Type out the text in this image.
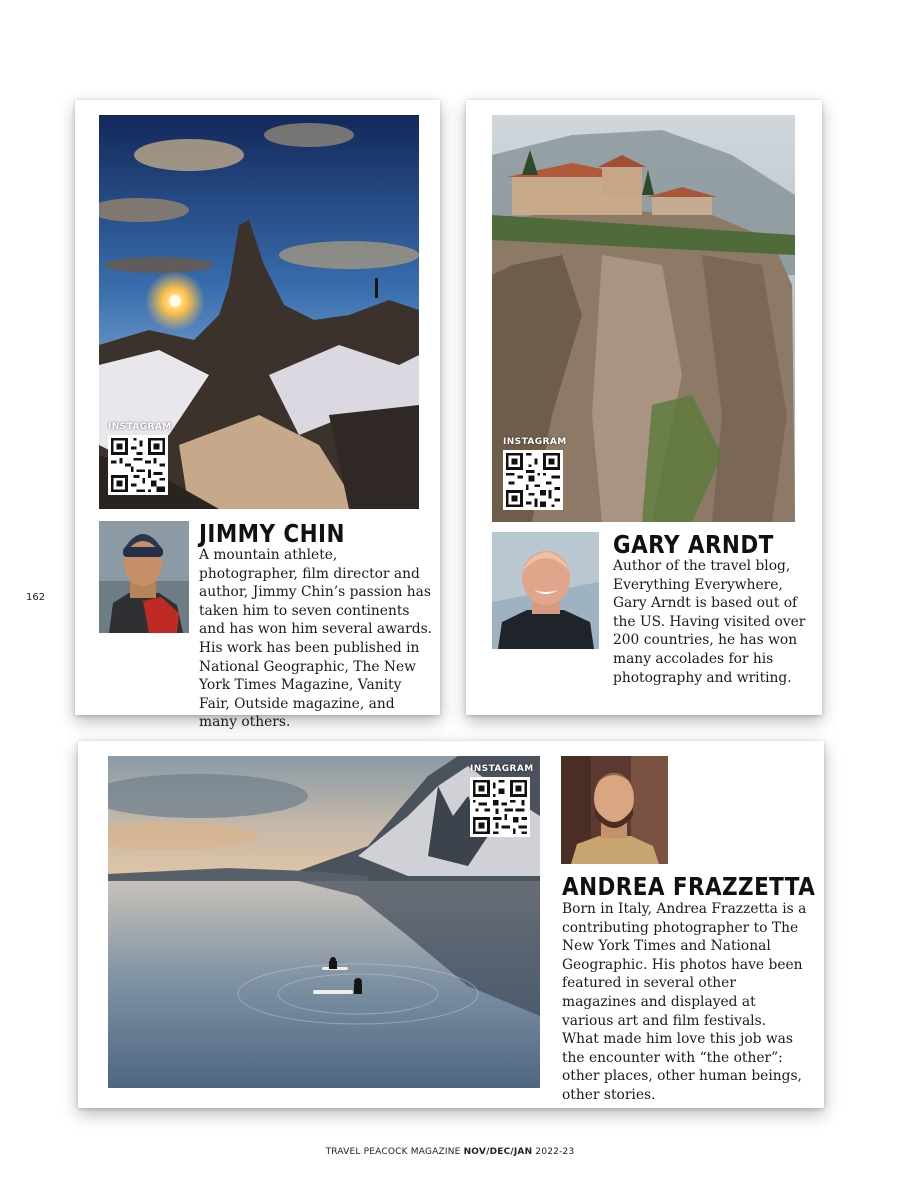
162
INSTAGRAM
JIMMY CHIN

A mountain athlete, photographer, film director and author, Jimmy Chin’s passion has taken him to seven continents and has won him several awards. His work has been published in National Geographic, The New York Times Magazine, Vanity Fair, Outside magazine, and many others.

INSTAGRAM
GARY ARNDT

Author of the travel blog, Everything Everywhere, Gary Arndt is based out of the US. Having visited over 200 countries, he has won many accolades for his photography and writing.

INSTAGRAM
ANDREA FRAZZETTA

Born in Italy, Andrea Frazzetta is a contributing photographer to The New York Times and National Geographic. His photos have been featured in several other magazines and displayed at various art and film festivals. What made him love this job was the encounter with “the other”: other places, other human beings, other stories.

TRAVEL PEACOCK MAGAZINE NOV/DEC/JAN 2022-23
